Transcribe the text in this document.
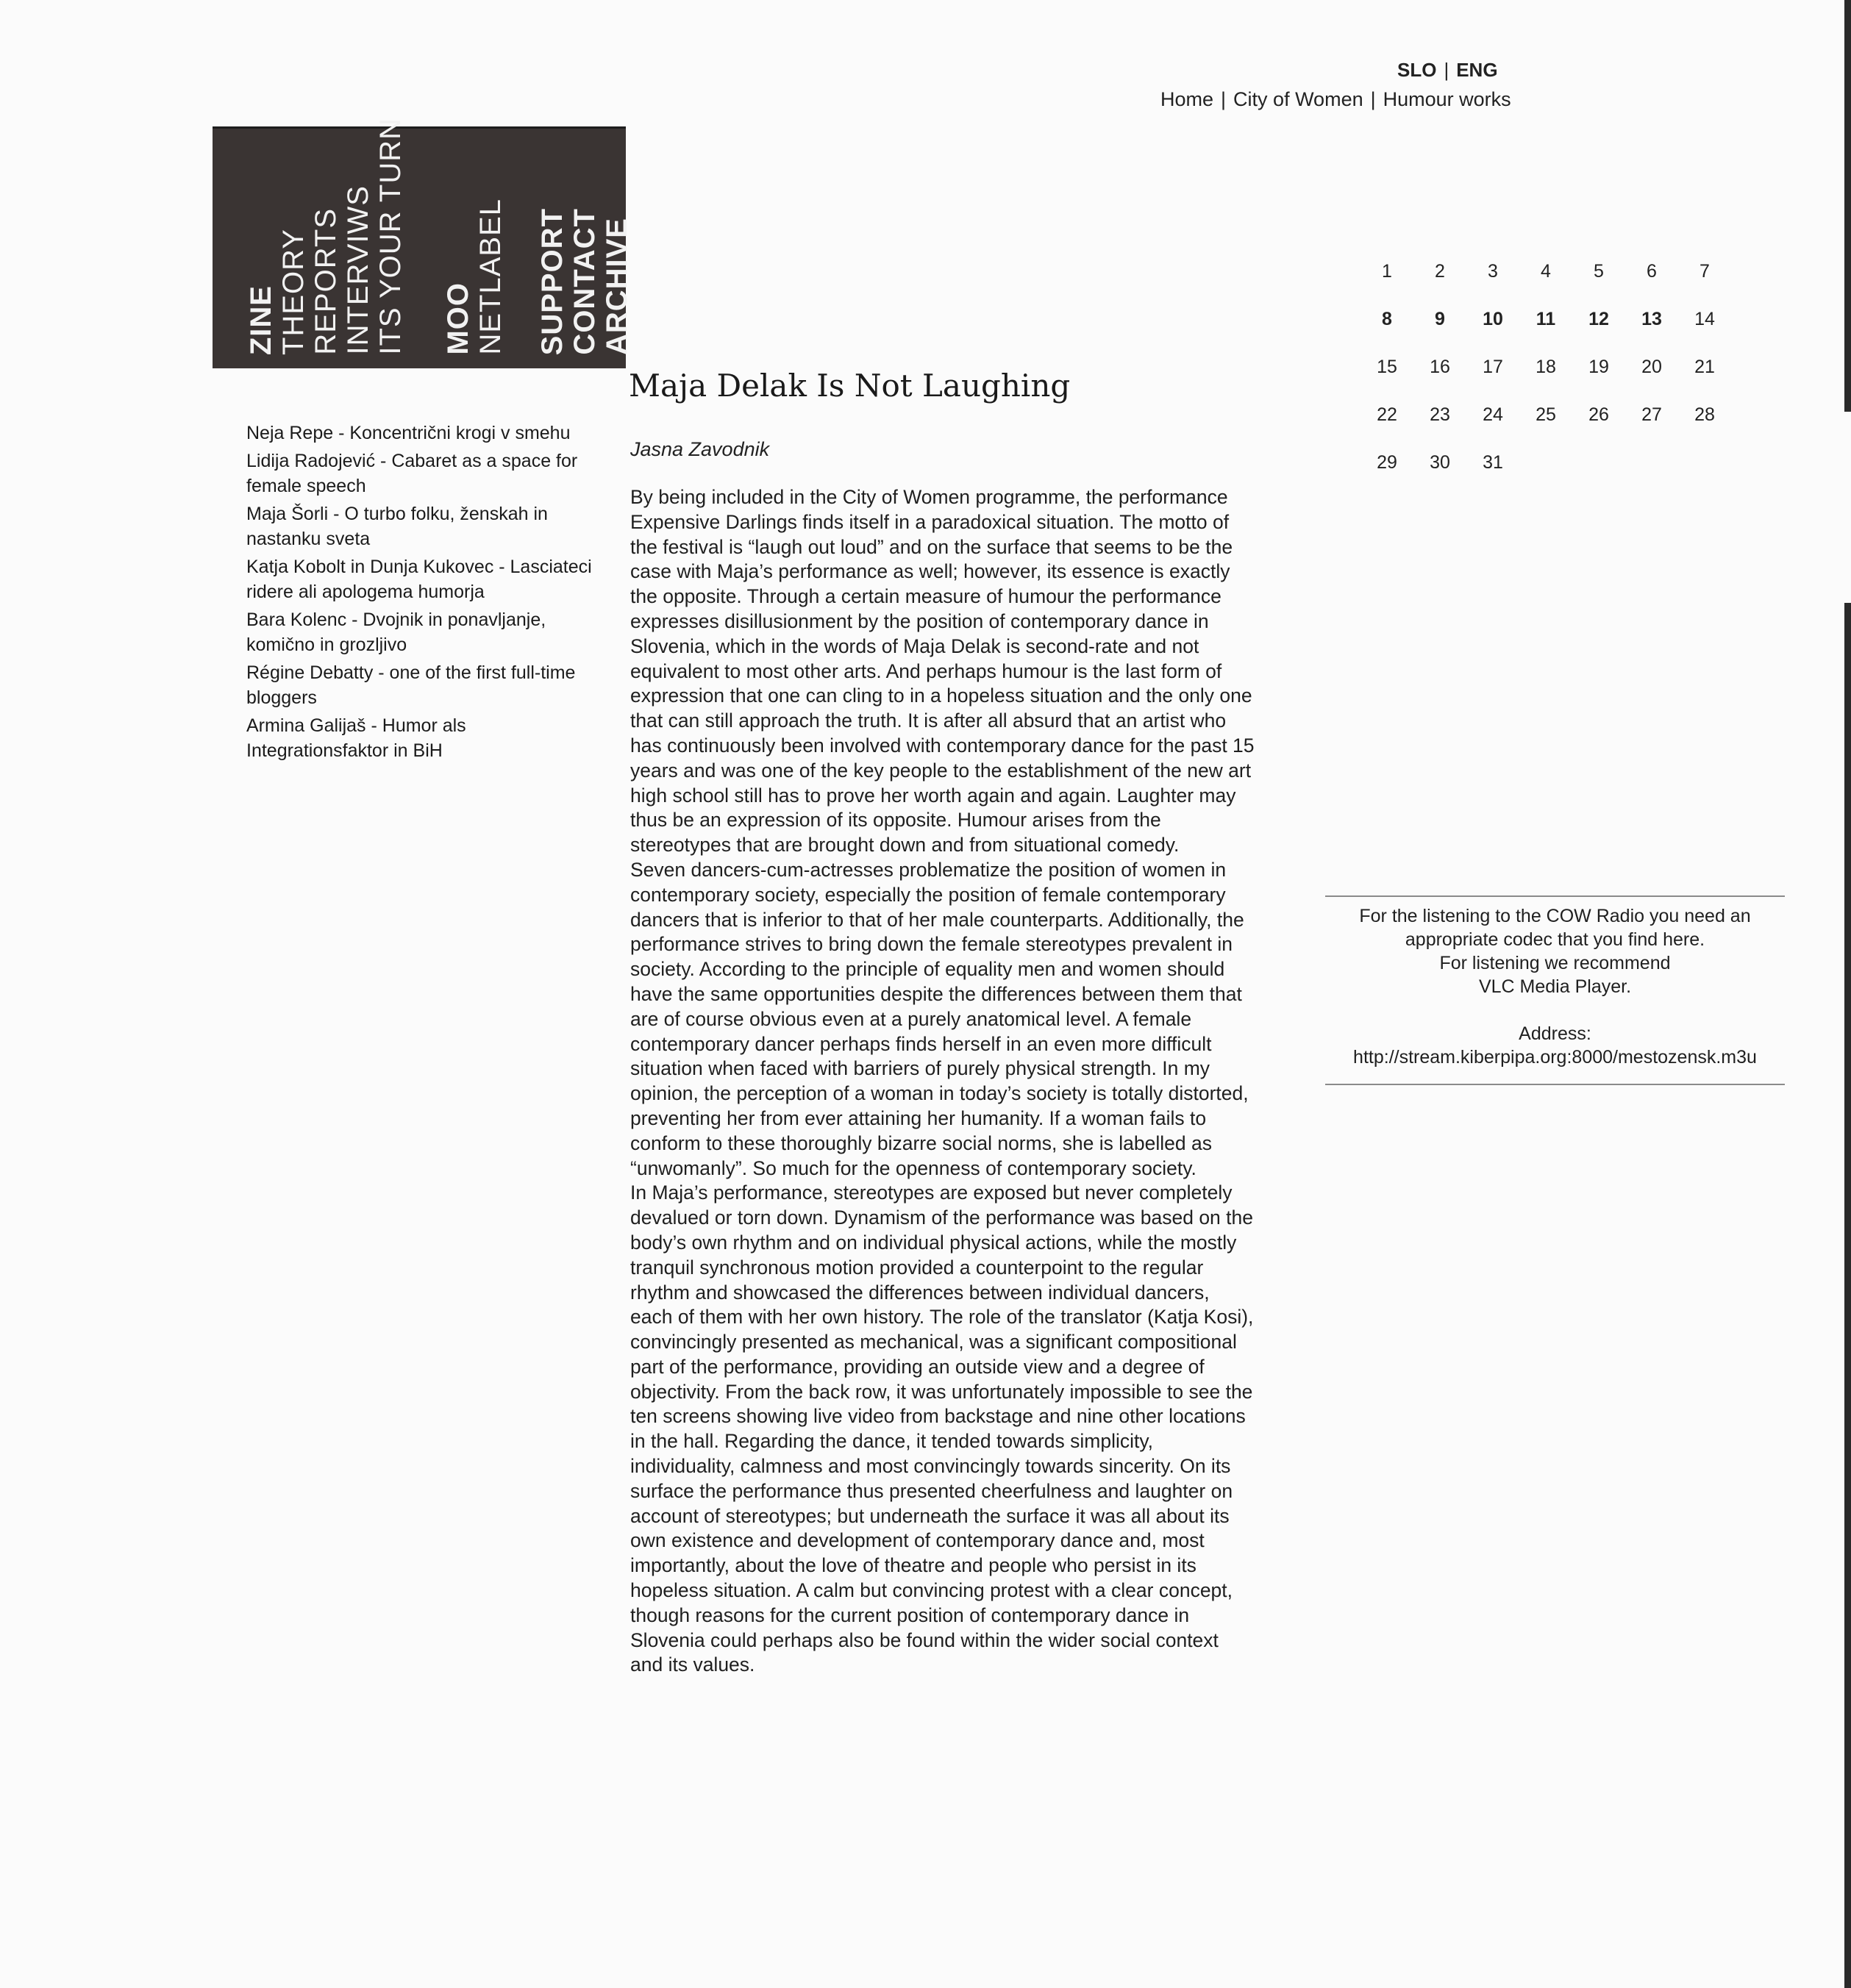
SLO | ENG
Home | City of Women | Humour works
ZINE THEORY REPORTS INTERVIWS ITS YOUR TURN MOO NETLABEL SUPPORT CONTACT ARCHIVE
Neja Repe - Koncentrični krogi v smehu
Lidija Radojević - Cabaret as a space for female speech
Maja Šorli - O turbo folku, ženskah in nastanku sveta
Katja Kobolt in Dunja Kukovec - Lasciateci ridere ali apologema humorja
Bara Kolenc - Dvojnik in ponavljanje, komično in grozljivo
Régine Debatty - one of the first full-time bloggers
Armina Galijaš - Humor als Integrationsfaktor in BiH
Maja Delak Is Not Laughing
Jasna Zavodnik

By being included in the City of Women programme, the performance Expensive Darlings finds itself in a paradoxical situation. The motto of the festival is “laugh out loud” and on the surface that seems to be the case with Maja’s performance as well; however, its essence is exactly the opposite. Through a certain measure of humour the performance expresses disillusionment by the position of contemporary dance in Slovenia, which in the words of Maja Delak is second-rate and not equivalent to most other arts. And perhaps humour is the last form of expression that one can cling to in a hopeless situation and the only one that can still approach the truth. It is after all absurd that an artist who has continuously been involved with contemporary dance for the past 15 years and was one of the key people to the establishment of the new art high school still has to prove her worth again and again. Laughter may thus be an expression of its opposite. Humour arises from the stereotypes that are brought down and from situational comedy.

Seven dancers-cum-actresses problematize the position of women in contemporary society, especially the position of female contemporary dancers that is inferior to that of her male counterparts. Additionally, the performance strives to bring down the female stereotypes prevalent in society. According to the principle of equality men and women should have the same opportunities despite the differences between them that are of course obvious even at a purely anatomical level. A female contemporary dancer perhaps finds herself in an even more difficult situation when faced with barriers of purely physical strength. In my opinion, the perception of a woman in today’s society is totally distorted, preventing her from ever attaining her humanity. If a woman fails to conform to these thoroughly bizarre social norms, she is labelled as “unwomanly”. So much for the openness of contemporary society.

In Maja’s performance, stereotypes are exposed but never completely devalued or torn down. Dynamism of the performance was based on the body’s own rhythm and on individual physical actions, while the mostly tranquil synchronous motion provided a counterpoint to the regular rhythm and showcased the differences between individual dancers, each of them with her own history. The role of the translator (Katja Kosi), convincingly presented as mechanical, was a significant compositional part of the performance, providing an outside view and a degree of objectivity. From the back row, it was unfortunately impossible to see the ten screens showing live video from backstage and nine other locations in the hall. Regarding the dance, it tended towards simplicity, individuality, calmness and most convincingly towards sincerity. On its surface the performance thus presented cheerfulness and laughter on account of stereotypes; but underneath the surface it was all about its own existence and development of contemporary dance and, most importantly, about the love of theatre and people who persist in its hopeless situation. A calm but convincing protest with a clear concept, though reasons for the current position of contemporary dance in Slovenia could perhaps also be found within the wider social context and its values.

1	2	3	4	5	6	7
8	9	10	11	12	13	14
15	16	17	18	19	20	21
22	23	24	25	26	27	28
29	30	31				

For the listening to the COW Radio you need an appropriate codec that you find here.

For listening we recommend

VLC Media Player.

Address:

http://stream.kiberpipa.org:8000/mestozensk.m3u
